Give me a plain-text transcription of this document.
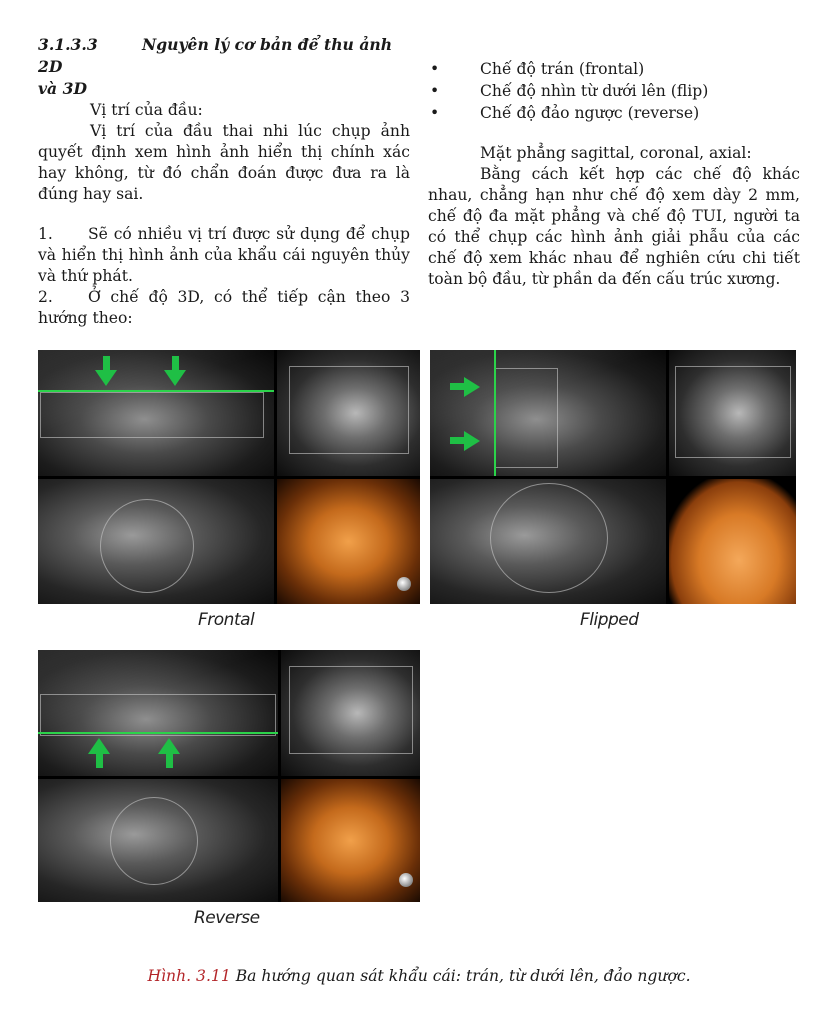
3.1.3.3	Nguyên lý cơ bản để thu ảnh 2D
và 3D

Vị trí của đầu:

Vị trí của đầu thai nhi lúc chụp ảnh quyết định xem hình ảnh hiển thị chính xác hay không, từ đó chẩn đoán được đưa ra là đúng hay sai.

1. Sẽ có nhiều vị trí được sử dụng để chụp và hiển thị hình ảnh của khẩu cái nguyên thủy và thứ phát.

2. Ở chế độ 3D, có thể tiếp cận theo 3 hướng theo:

•	Chế độ trán (frontal)
•	Chế độ nhìn từ dưới lên (flip)
•	Chế độ đảo ngược (reverse)

Mặt phẳng sagittal, coronal, axial:

Bằng cách kết hợp các chế độ khác nhau, chẳng hạn như chế độ xem dày 2 mm, chế độ đa mặt phẳng và chế độ TUI, người ta có thể chụp các hình ảnh giải phẫu của các chế độ xem khác nhau để nghiên cứu chi tiết toàn bộ đầu, từ phần da đến cấu trúc xương.

Frontal	Flipped
Reverse
Hình. 3.11 Ba hướng quan sát khẩu cái: trán, từ dưới lên, đảo ngược.
